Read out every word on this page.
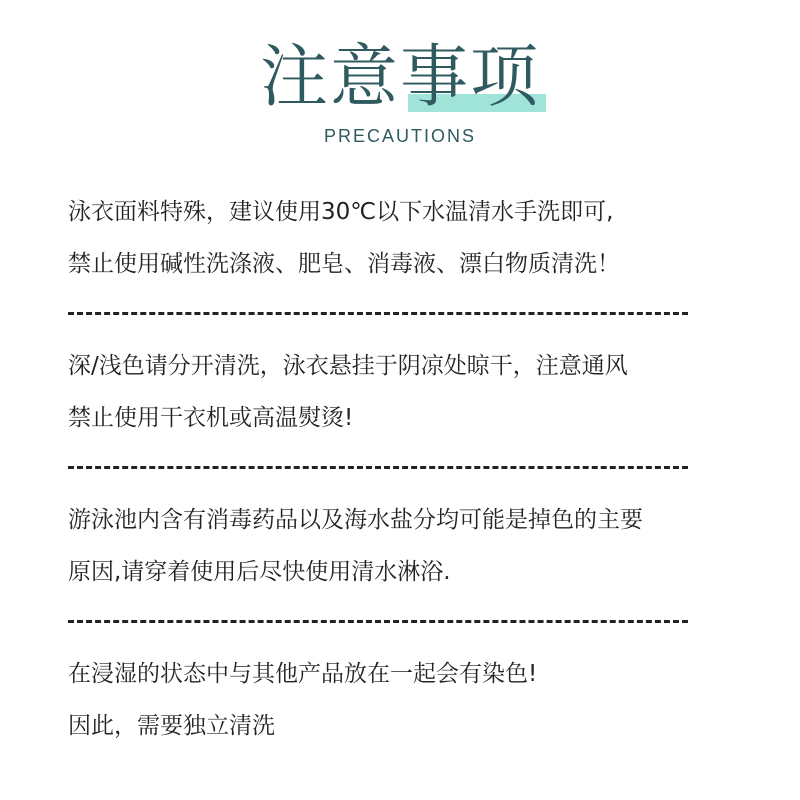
注意事项
PRECAUTIONS
泳衣面料特殊，建议使用30℃以下水温清水手洗即可,
禁止使用碱性洗涤液、肥皂、消毒液、漂白物质清洗！
深/浅色请分开清洗，泳衣悬挂于阴凉处晾干，注意通风
禁止使用干衣机或高温熨烫!
游泳池内含有消毒药品以及海水盐分均可能是掉色的主要
原因,请穿着使用后尽快使用清水淋浴.
在浸湿的状态中与其他产品放在一起会有染色!
因此，需要独立清洗
